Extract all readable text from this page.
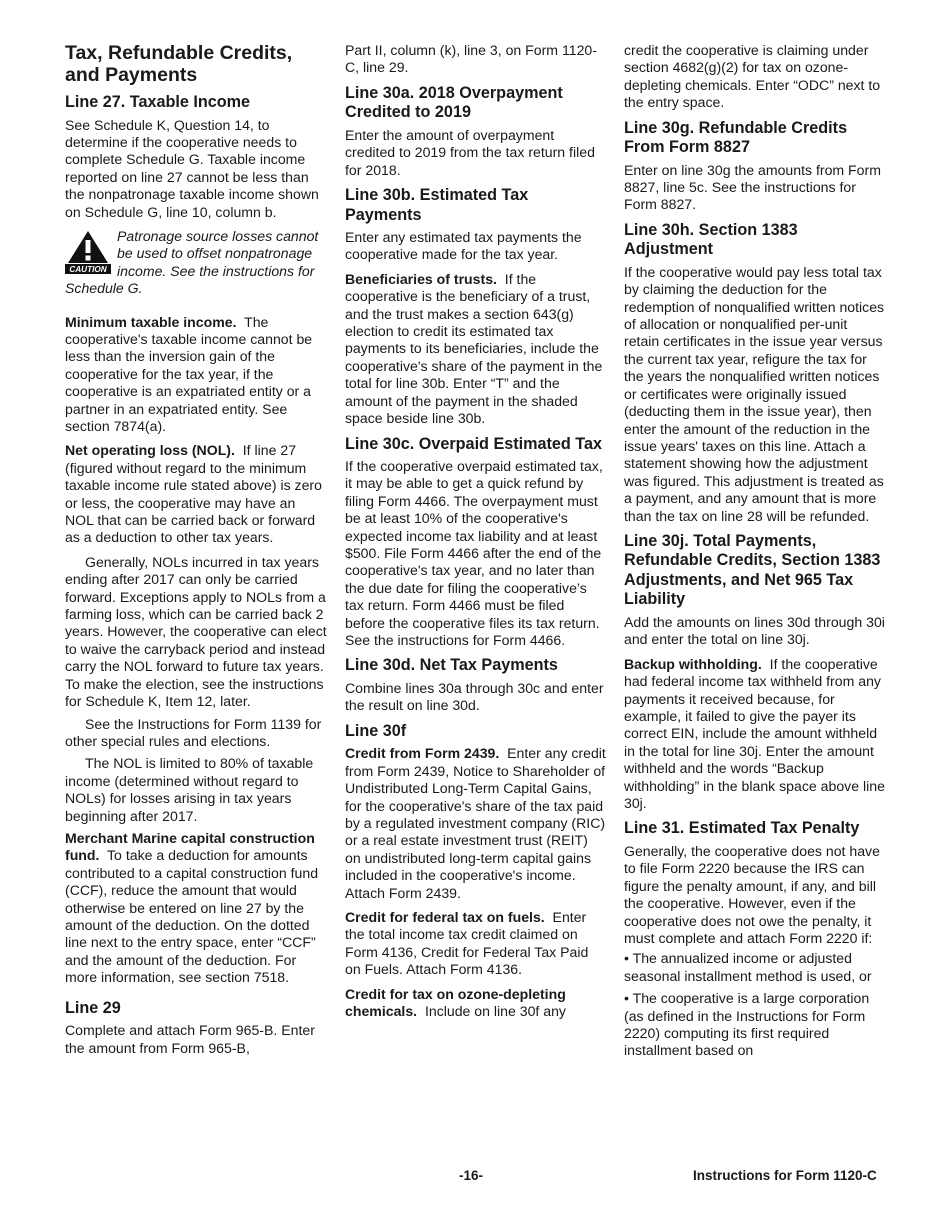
Tax, Refundable Credits, and Payments
Line 27. Taxable Income
See Schedule K, Question 14, to determine if the cooperative needs to complete Schedule G. Taxable income reported on line 27 cannot be less than the nonpatronage taxable income shown on Schedule G, line 10, column b.
CAUTION
Patronage source losses cannot be used to offset nonpatronage income. See the instructions for Schedule G.
Minimum taxable income. The cooperative's taxable income cannot be less than the inversion gain of the cooperative for the tax year, if the cooperative is an expatriated entity or a partner in an expatriated entity. See section 7874(a).
Net operating loss (NOL). If line 27 (figured without regard to the minimum taxable income rule stated above) is zero or less, the cooperative may have an NOL that can be carried back or forward as a deduction to other tax years.
Generally, NOLs incurred in tax years ending after 2017 can only be carried forward. Exceptions apply to NOLs from a farming loss, which can be carried back 2 years. However, the cooperative can elect to waive the carryback period and instead carry the NOL forward to future tax years. To make the election, see the instructions for Schedule K, Item 12, later.
See the Instructions for Form 1139 for other special rules and elections.
The NOL is limited to 80% of taxable income (determined without regard to NOLs) for losses arising in tax years beginning after 2017.
Merchant Marine capital construction fund. To take a deduction for amounts contributed to a capital construction fund (CCF), reduce the amount that would otherwise be entered on line 27 by the amount of the deduction. On the dotted line next to the entry space, enter “CCF” and the amount of the deduction. For more information, see section 7518.
Line 29
Complete and attach Form 965-B. Enter the amount from Form 965-B,
Part II, column (k), line 3, on Form 1120-C, line 29.
Line 30a. 2018 Overpayment Credited to 2019
Enter the amount of overpayment credited to 2019 from the tax return filed for 2018.
Line 30b. Estimated Tax Payments
Enter any estimated tax payments the cooperative made for the tax year.
Beneficiaries of trusts. If the cooperative is the beneficiary of a trust, and the trust makes a section 643(g) election to credit its estimated tax payments to its beneficiaries, include the cooperative's share of the payment in the total for line 30b. Enter “T” and the amount of the payment in the shaded space beside line 30b.
Line 30c. Overpaid Estimated Tax
If the cooperative overpaid estimated tax, it may be able to get a quick refund by filing Form 4466. The overpayment must be at least 10% of the cooperative's expected income tax liability and at least $500. File Form 4466 after the end of the cooperative's tax year, and no later than the due date for filing the cooperative’s tax return. Form 4466 must be filed before the cooperative files its tax return. See the instructions for Form 4466.
Line 30d. Net Tax Payments
Combine lines 30a through 30c and enter the result on line 30d.
Line 30f
Credit from Form 2439. Enter any credit from Form 2439, Notice to Shareholder of Undistributed Long-Term Capital Gains, for the cooperative's share of the tax paid by a regulated investment company (RIC) or a real estate investment trust (REIT) on undistributed long-term capital gains included in the cooperative's income. Attach Form 2439.
Credit for federal tax on fuels. Enter the total income tax credit claimed on Form 4136, Credit for Federal Tax Paid on Fuels. Attach Form 4136.
Credit for tax on ozone-depleting chemicals. Include on line 30f any
credit the cooperative is claiming under section 4682(g)(2) for tax on ozone-depleting chemicals. Enter “ODC” next to the entry space.
Line 30g. Refundable Credits From Form 8827
Enter on line 30g the amounts from Form 8827, line 5c. See the instructions for Form 8827.
Line 30h. Section 1383 Adjustment
If the cooperative would pay less total tax by claiming the deduction for the redemption of nonqualified written notices of allocation or nonqualified per-unit retain certificates in the issue year versus the current tax year, refigure the tax for the years the nonqualified written notices or certificates were originally issued (deducting them in the issue year), then enter the amount of the reduction in the issue years' taxes on this line. Attach a statement showing how the adjustment was figured. This adjustment is treated as a payment, and any amount that is more than the tax on line 28 will be refunded.
Line 30j. Total Payments, Refundable Credits, Section 1383 Adjustments, and Net 965 Tax Liability
Add the amounts on lines 30d through 30i and enter the total on line 30j.
Backup withholding. If the cooperative had federal income tax withheld from any payments it received because, for example, it failed to give the payer its correct EIN, include the amount withheld in the total for line 30j. Enter the amount withheld and the words “Backup withholding” in the blank space above line 30j.
Line 31. Estimated Tax Penalty
Generally, the cooperative does not have to file Form 2220 because the IRS can figure the penalty amount, if any, and bill the cooperative. However, even if the cooperative does not owe the penalty, it must complete and attach Form 2220 if:
• The annualized income or adjusted seasonal installment method is used, or
• The cooperative is a large corporation (as defined in the Instructions for Form 2220) computing its first required installment based on
-16-	Instructions for Form 1120-C
